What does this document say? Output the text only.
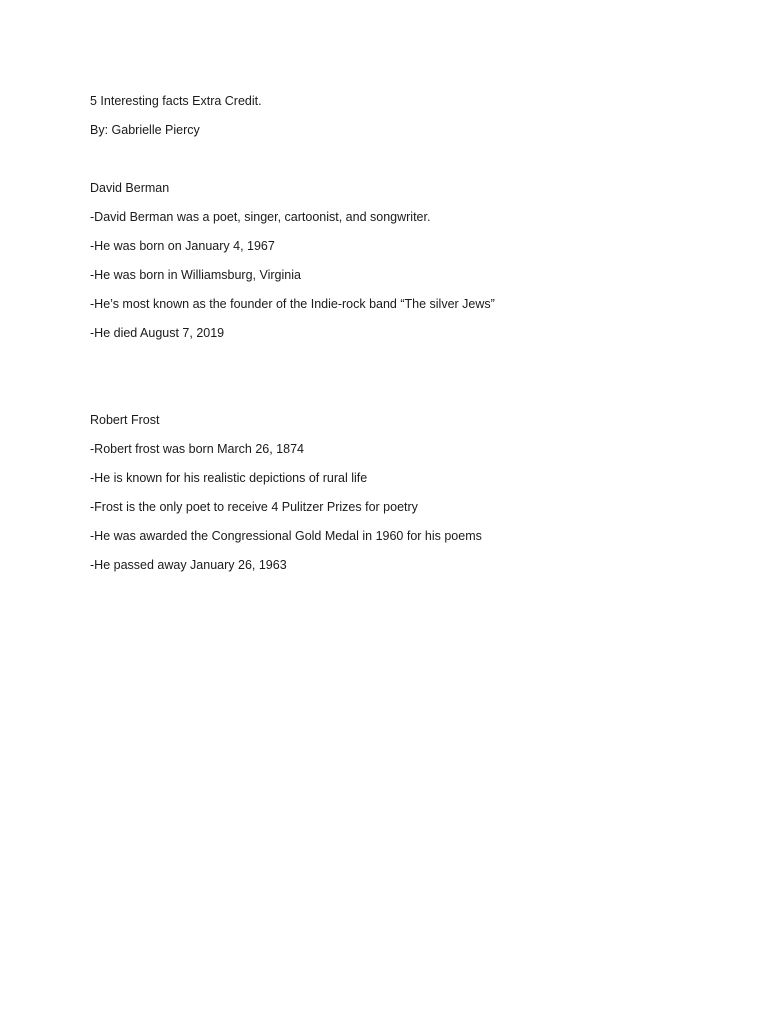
5 Interesting facts Extra Credit.

By: Gabrielle Piercy

David Berman

-David Berman was a poet, singer, cartoonist, and songwriter.

-He was born on January 4, 1967

-He was born in Williamsburg, Virginia

-He’s most known as the founder of the Indie-rock band “The silver Jews”

-He died August 7, 2019

Robert Frost

-Robert frost was born March 26, 1874

-He is known for his realistic depictions of rural life

-Frost is the only poet to receive 4 Pulitzer Prizes for poetry

-He was awarded the Congressional Gold Medal in 1960 for his poems

-He passed away January 26, 1963
